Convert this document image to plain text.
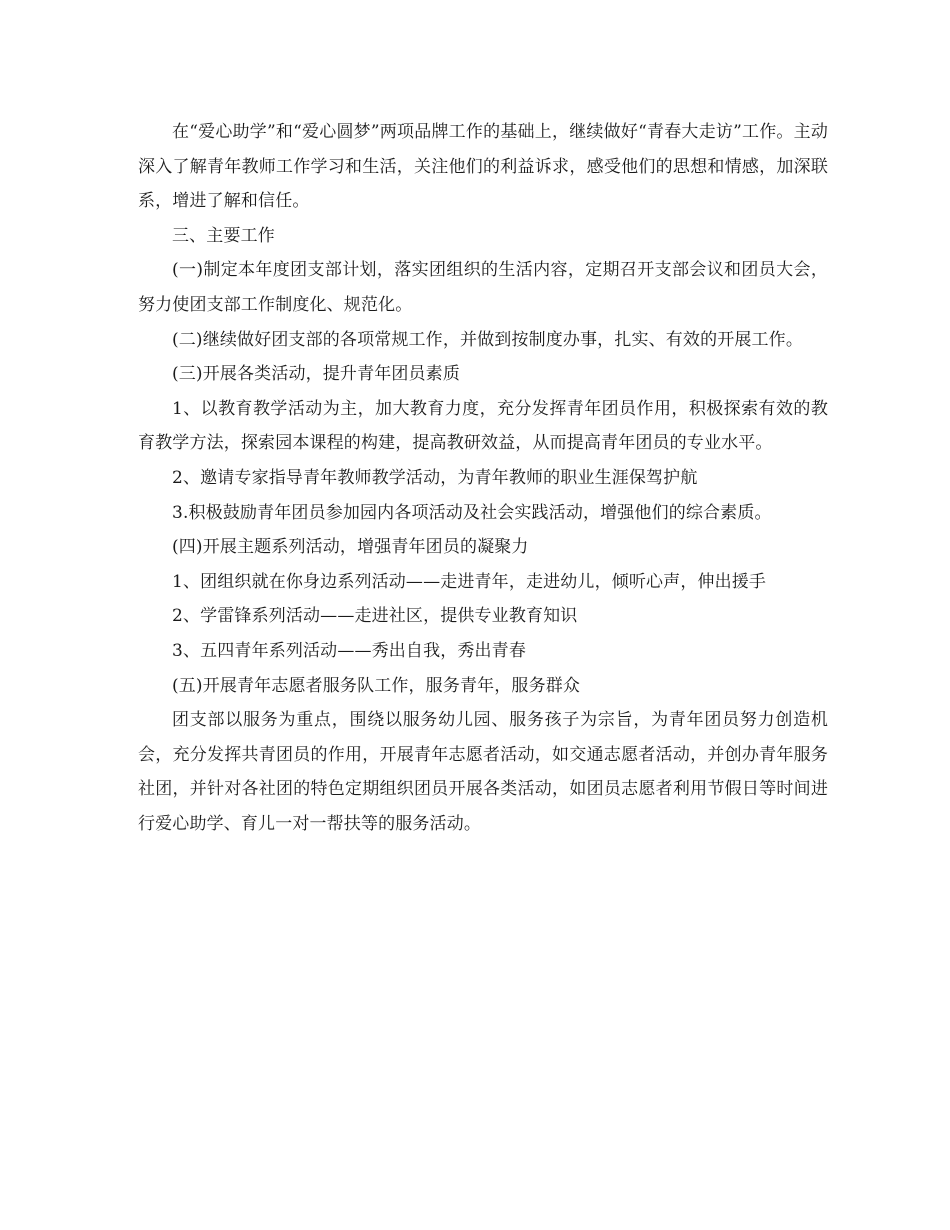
在“爱心助学”和“爱心圆梦”两项品牌工作的基础上，继续做好“青春大走访”工作。主动深入了解青年教师工作学习和生活，关注他们的利益诉求，感受他们的思想和情感，加深联系，增进了解和信任。

三、主要工作

(一)制定本年度团支部计划，落实团组织的生活内容，定期召开支部会议和团员大会，努力使团支部工作制度化、规范化。

(二)继续做好团支部的各项常规工作，并做到按制度办事，扎实、有效的开展工作。

(三)开展各类活动，提升青年团员素质

1、以教育教学活动为主，加大教育力度，充分发挥青年团员作用，积极探索有效的教育教学方法，探索园本课程的构建，提高教研效益，从而提高青年团员的专业水平。

2、邀请专家指导青年教师教学活动，为青年教师的职业生涯保驾护航

3.积极鼓励青年团员参加园内各项活动及社会实践活动，增强他们的综合素质。

(四)开展主题系列活动，增强青年团员的凝聚力

1、团组织就在你身边系列活动——走进青年，走进幼儿，倾听心声，伸出援手

2、学雷锋系列活动——走进社区，提供专业教育知识

3、五四青年系列活动——秀出自我，秀出青春

(五)开展青年志愿者服务队工作，服务青年，服务群众

团支部以服务为重点，围绕以服务幼儿园、服务孩子为宗旨，为青年团员努力创造机会，充分发挥共青团员的作用，开展青年志愿者活动，如交通志愿者活动，并创办青年服务社团，并针对各社团的特色定期组织团员开展各类活动，如团员志愿者利用节假日等时间进行爱心助学、育儿一对一帮扶等的服务活动。
